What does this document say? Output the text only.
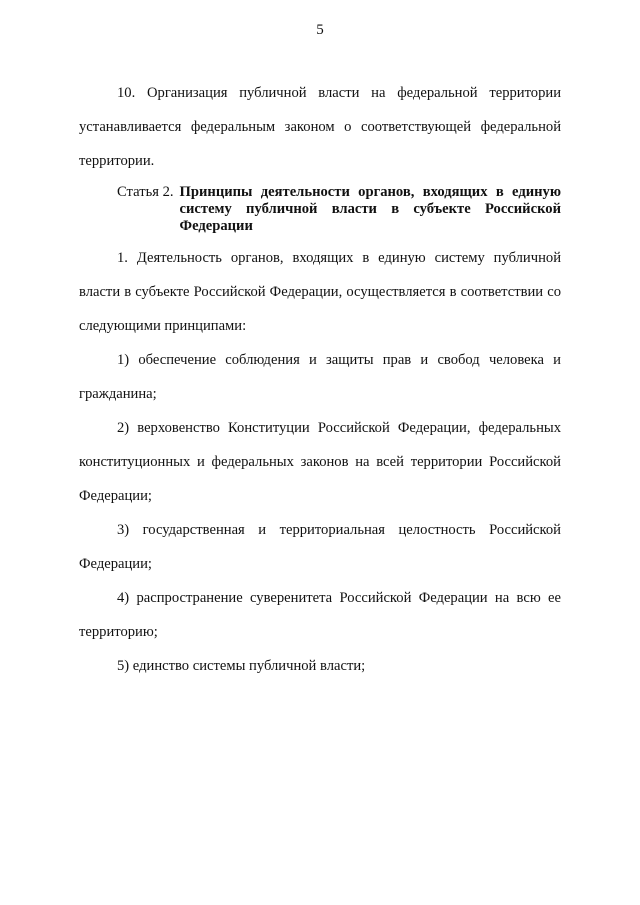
5

10. Организация публичной власти на федеральной территории устанавливается федеральным законом о соответствующей федеральной территории.

Статья 2. Принципы деятельности органов, входящих в единую систему публичной власти в субъекте Российской Федерации

1. Деятельность органов, входящих в единую систему публичной власти в субъекте Российской Федерации, осуществляется в соответствии со следующими принципами:

1) обеспечение соблюдения и защиты прав и свобод человека и гражданина;

2) верховенство Конституции Российской Федерации, федеральных конституционных и федеральных законов на всей территории Российской Федерации;

3) государственная и территориальная целостность Российской Федерации;

4) распространение суверенитета Российской Федерации на всю ее территорию;

5) единство системы публичной власти;
